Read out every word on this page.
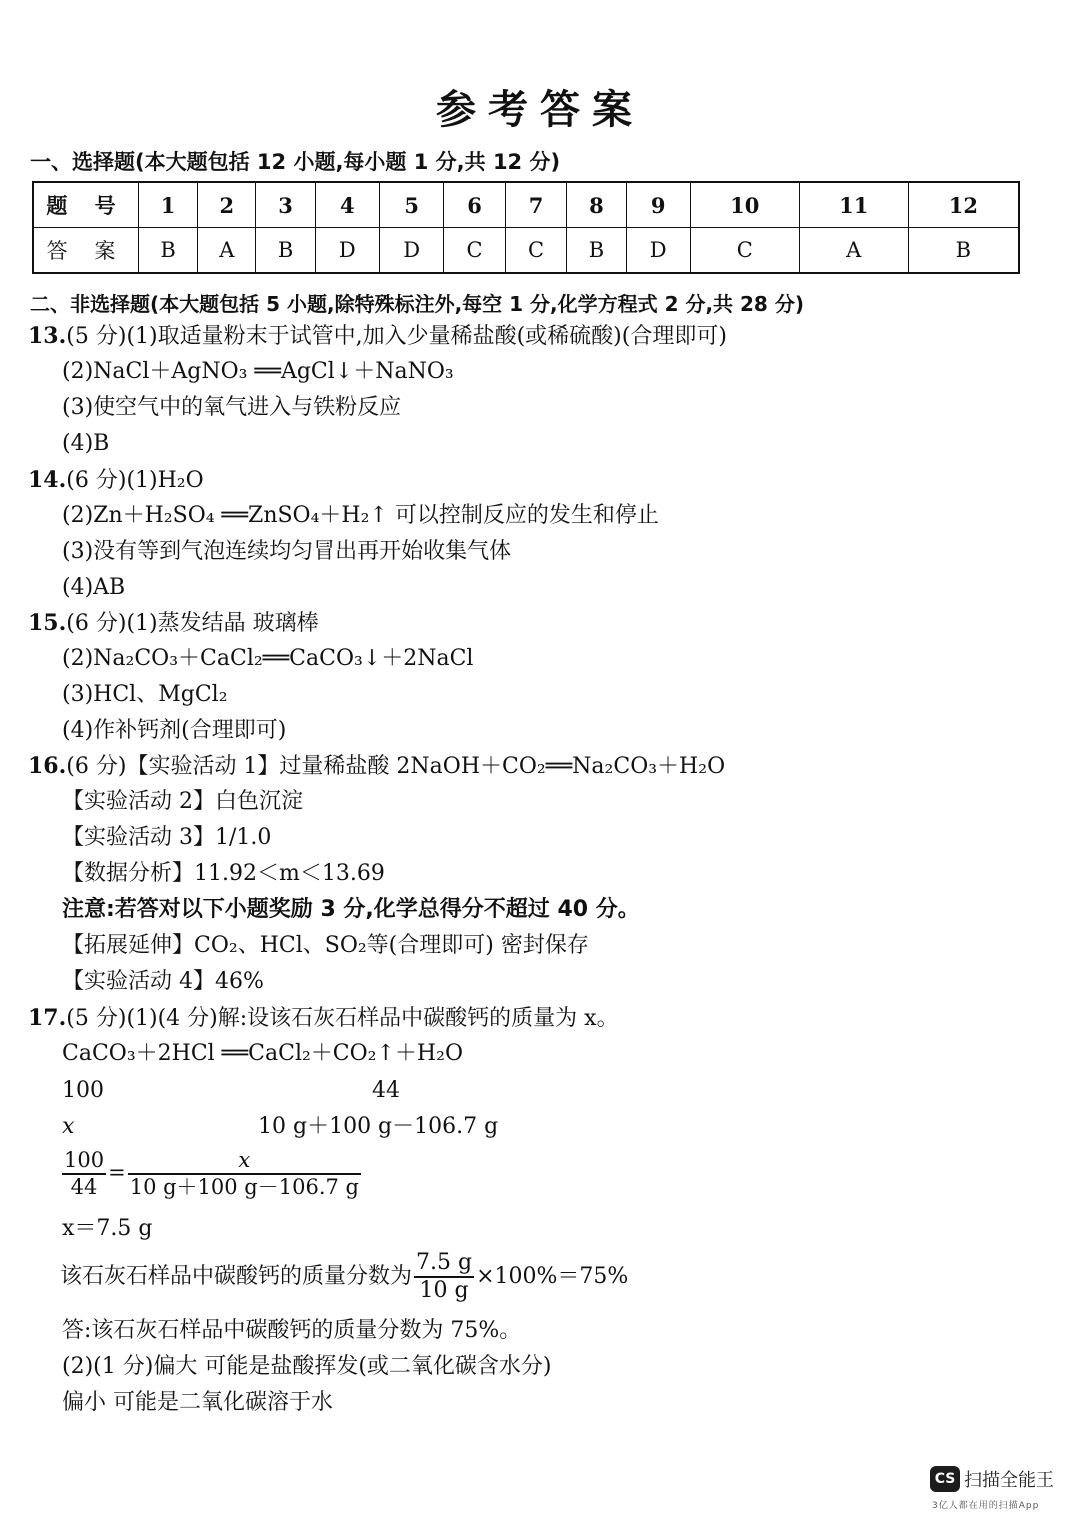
参考答案
一、选择题(本大题包括 12 小题,每小题 1 分,共 12 分)
题 号	1	2	3	4	5	6	7	8	9	10	11	12
答 案	B	A	B	D	D	C	C	B	D	C	A	B
二、非选择题(本大题包括 5 小题,除特殊标注外,每空 1 分,化学方程式 2 分,共 28 分)
13.(5 分)(1)取适量粉末于试管中,加入少量稀盐酸(或稀硫酸)(合理即可)
(2)NaCl＋AgNO₃ ══AgCl↓＋NaNO₃
(3)使空气中的氧气进入与铁粉反应
(4)B
14.(6 分)(1)H₂O
(2)Zn＋H₂SO₄ ══ZnSO₄＋H₂↑ 可以控制反应的发生和停止
(3)没有等到气泡连续均匀冒出再开始收集气体
(4)AB
15.(6 分)(1)蒸发结晶 玻璃棒
(2)Na₂CO₃＋CaCl₂══CaCO₃↓＋2NaCl
(3)HCl、MgCl₂
(4)作补钙剂(合理即可)
16.(6 分)【实验活动 1】过量稀盐酸 2NaOH＋CO₂══Na₂CO₃＋H₂O
【实验活动 2】白色沉淀
【实验活动 3】1/1.0
【数据分析】11.92＜m＜13.69
注意:若答对以下小题奖励 3 分,化学总得分不超过 40 分。
【拓展延伸】CO₂、HCl、SO₂等(合理即可) 密封保存
【实验活动 4】46%
17.(5 分)(1)(4 分)解:设该石灰石样品中碳酸钙的质量为 x。
CaCO₃＋2HCl ══CaCl₂＋CO₂↑＋H₂O
100	44
x	10 g＋100 g－106.7 g
$\frac{100}{44} = \frac{x}{10 g+100 g-106.7 g}$
x＝7.5 g
该石灰石样品中碳酸钙的质量分数为 $\frac{7.5 g}{10 g} \times 100\%=75\%$
答:该石灰石样品中碳酸钙的质量分数为 75%。
(2)(1 分)偏大 可能是盐酸挥发(或二氧化碳含水分)
偏小 可能是二氧化碳溶于水
CS 扫描全能王
3亿人都在用的扫描App
